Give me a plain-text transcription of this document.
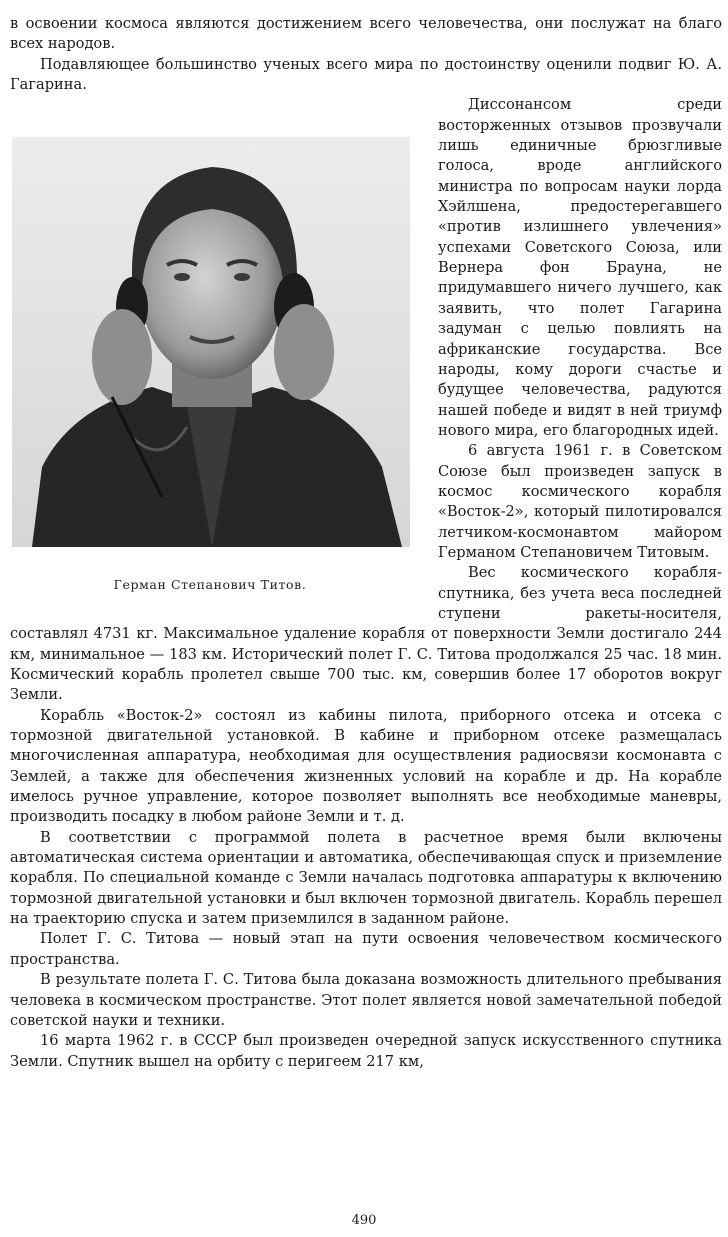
в освоении космоса являются достижением всего человечества, они послужат на благо всех народов.

Подавляющее большинство ученых всего мира по достоинству оценили подвиг Ю. А. Гагарина.

Герман Степанович Титов.

Диссонансом среди восторженных отзывов прозвучали лишь единичные брюзгливые голоса, вроде английского министра по вопросам науки лорда Хэйлшена, предостерегавшего «против излишнего увлечения» успехами Советского Союза, или Вернера фон Брауна, не придумавшего ничего лучшего, как заявить, что полет Гагарина задуман с целью повлиять на африканские государства. Все народы, кому дороги счастье и будущее человечества, радуются нашей победе и видят в ней триумф нового мира, его благородных идей.

6 августа 1961 г. в Советском Союзе был произведен запуск в космос космического корабля «Восток-2», который пилотировался летчиком-космонавтом майором Германом Степановичем Титовым.

Вес космического корабля-спутника, без учета веса последней ступени ракеты-носителя, составлял 4731 кг. Максимальное удаление корабля от поверхности Земли достигало 244 км, минимальное — 183 км. Исторический полет Г. С. Титова продолжался 25 час. 18 мин. Космический корабль пролетел свыше 700 тыс. км, совершив более 17 оборотов вокруг Земли.

Корабль «Восток-2» состоял из кабины пилота, приборного отсека и отсека с тормозной двигательной установкой. В кабине и приборном отсеке размещалась многочисленная аппаратура, необходимая для осуществления радиосвязи космонавта с Землей, а также для обеспечения жизненных условий на корабле и др. На корабле имелось ручное управление, которое позволяет выполнять все необходимые маневры, производить посадку в любом районе Земли и т. д.

В соответствии с программой полета в расчетное время были включены автоматическая система ориентации и автоматика, обеспечивающая спуск и приземление корабля. По специальной команде с Земли началась подготовка аппаратуры к включению тормозной двигательной установки и был включен тормозной двигатель. Корабль перешел на траекторию спуска и затем приземлился в заданном районе.

Полет Г. С. Титова — новый этап на пути освоения человечеством космического пространства.

В результате полета Г. С. Титова была доказана возможность длительного пребывания человека в космическом пространстве. Этот полет является новой замечательной победой советской науки и техники.

16 марта 1962 г. в СССР был произведен очередной запуск искусственного спутника Земли. Спутник вышел на орбиту с перигеем 217 км,

490
